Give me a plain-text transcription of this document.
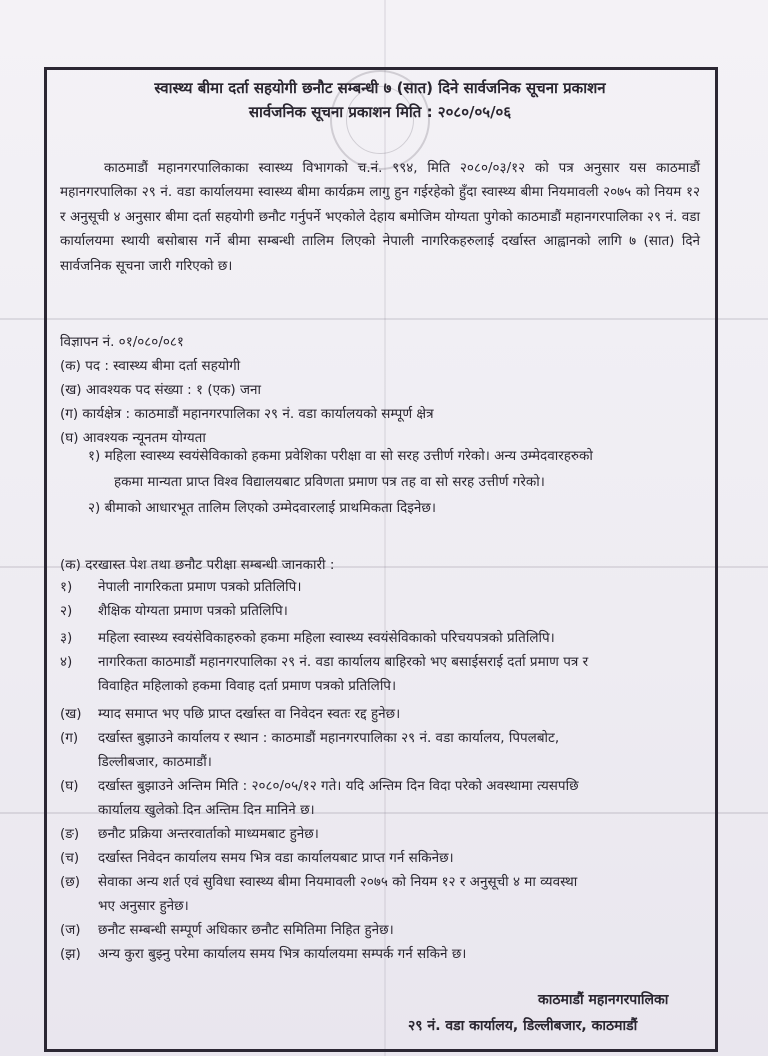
स्वास्थ्य बीमा दर्ता सहयोगी छनौट सम्बन्धी ७ (सात) दिने सार्वजनिक सूचना प्रकाशन
सार्वजनिक सूचना प्रकाशन मिति : २०८०/०५/०६
काठमाडौं महानगरपालिकाका स्वास्थ्य विभागको च.नं. ९९४, मिति २०८०/०३/१२ को पत्र अनुसार यस काठमाडौं महानगरपालिका २९ नं. वडा कार्यालयमा स्वास्थ्य बीमा कार्यक्रम लागु हुन गईरहेको हुँदा स्वास्थ्य बीमा नियमावली २०७५ को नियम १२ र अनुसूची ४ अनुसार बीमा दर्ता सहयोगी छनौट गर्नुपर्ने भएकोले देहाय बमोजिम योग्यता पुगेको काठमाडौं महानगरपालिका २९ नं. वडा कार्यालयमा स्थायी बसोबास गर्ने बीमा सम्बन्धी तालिम लिएको नेपाली नागरिकहरुलाई दर्खास्त आह्वानको लागि ७ (सात) दिने सार्वजनिक सूचना जारी गरिएको छ।
विज्ञापन नं. ०१/०८०/०८१
(क) पद : स्वास्थ्य बीमा दर्ता सहयोगी
(ख) आवश्यक पद संख्या : १ (एक) जना
(ग) कार्यक्षेत्र : काठमाडौं महानगरपालिका २९ नं. वडा कार्यालयको सम्पूर्ण क्षेत्र
(घ) आवश्यक न्यूनतम योग्यता
१) महिला स्वास्थ्य स्वयंसेविकाको हकमा प्रवेशिका परीक्षा वा सो सरह उत्तीर्ण गरेको। अन्य उम्मेदवारहरुको
हकमा मान्यता प्राप्त विश्व विद्यालयबाट प्रविणता प्रमाण पत्र तह वा सो सरह उत्तीर्ण गरेको।
२) बीमाको आधारभूत तालिम लिएको उम्मेदवारलाई प्राथमिकता दिइनेछ।
(क) दरखास्त पेश तथा छनौट परीक्षा सम्बन्धी जानकारी :
१) नेपाली नागरिकता प्रमाण पत्रको प्रतिलिपि।
२) शैक्षिक योग्यता प्रमाण पत्रको प्रतिलिपि।
३) महिला स्वास्थ्य स्वयंसेविकाहरुको हकमा महिला स्वास्थ्य स्वयंसेविकाको परिचयपत्रको प्रतिलिपि।
४) नागरिकता काठमाडौं महानगरपालिका २९ नं. वडा कार्यालय बाहिरको भए बसाईसराई दर्ता प्रमाण पत्र र
विवाहित महिलाको हकमा विवाह दर्ता प्रमाण पत्रको प्रतिलिपि।
(ख) म्याद समाप्त भए पछि प्राप्त दर्खास्त वा निवेदन स्वतः रद्द हुनेछ।
(ग) दर्खास्त बुझाउने कार्यालय र स्थान : काठमाडौं महानगरपालिका २९ नं. वडा कार्यालय, पिपलबोट,
डिल्लीबजार, काठमाडौं।
(घ) दर्खास्त बुझाउने अन्तिम मिति : २०८०/०५/१२ गते। यदि अन्तिम दिन विदा परेको अवस्थामा त्यसपछि
कार्यालय खुलेको दिन अन्तिम दिन मानिने छ।
(ङ) छनौट प्रक्रिया अन्तरवार्ताको माध्यमबाट हुनेछ।
(च) दर्खास्त निवेदन कार्यालय समय भित्र वडा कार्यालयबाट प्राप्त गर्न सकिनेछ।
(छ) सेवाका अन्य शर्त एवं सुविधा स्वास्थ्य बीमा नियमावली २०७५ को नियम १२ र अनुसूची ४ मा व्यवस्था
भए अनुसार हुनेछ।
(ज) छनौट सम्बन्धी सम्पूर्ण अधिकार छनौट समितिमा निहित हुनेछ।
(झ) अन्य कुरा बुझ्नु परेमा कार्यालय समय भित्र कार्यालयमा सम्पर्क गर्न सकिने छ।
काठमाडौं महानगरपालिका
२९ नं. वडा कार्यालय, डिल्लीबजार, काठमाडौं
